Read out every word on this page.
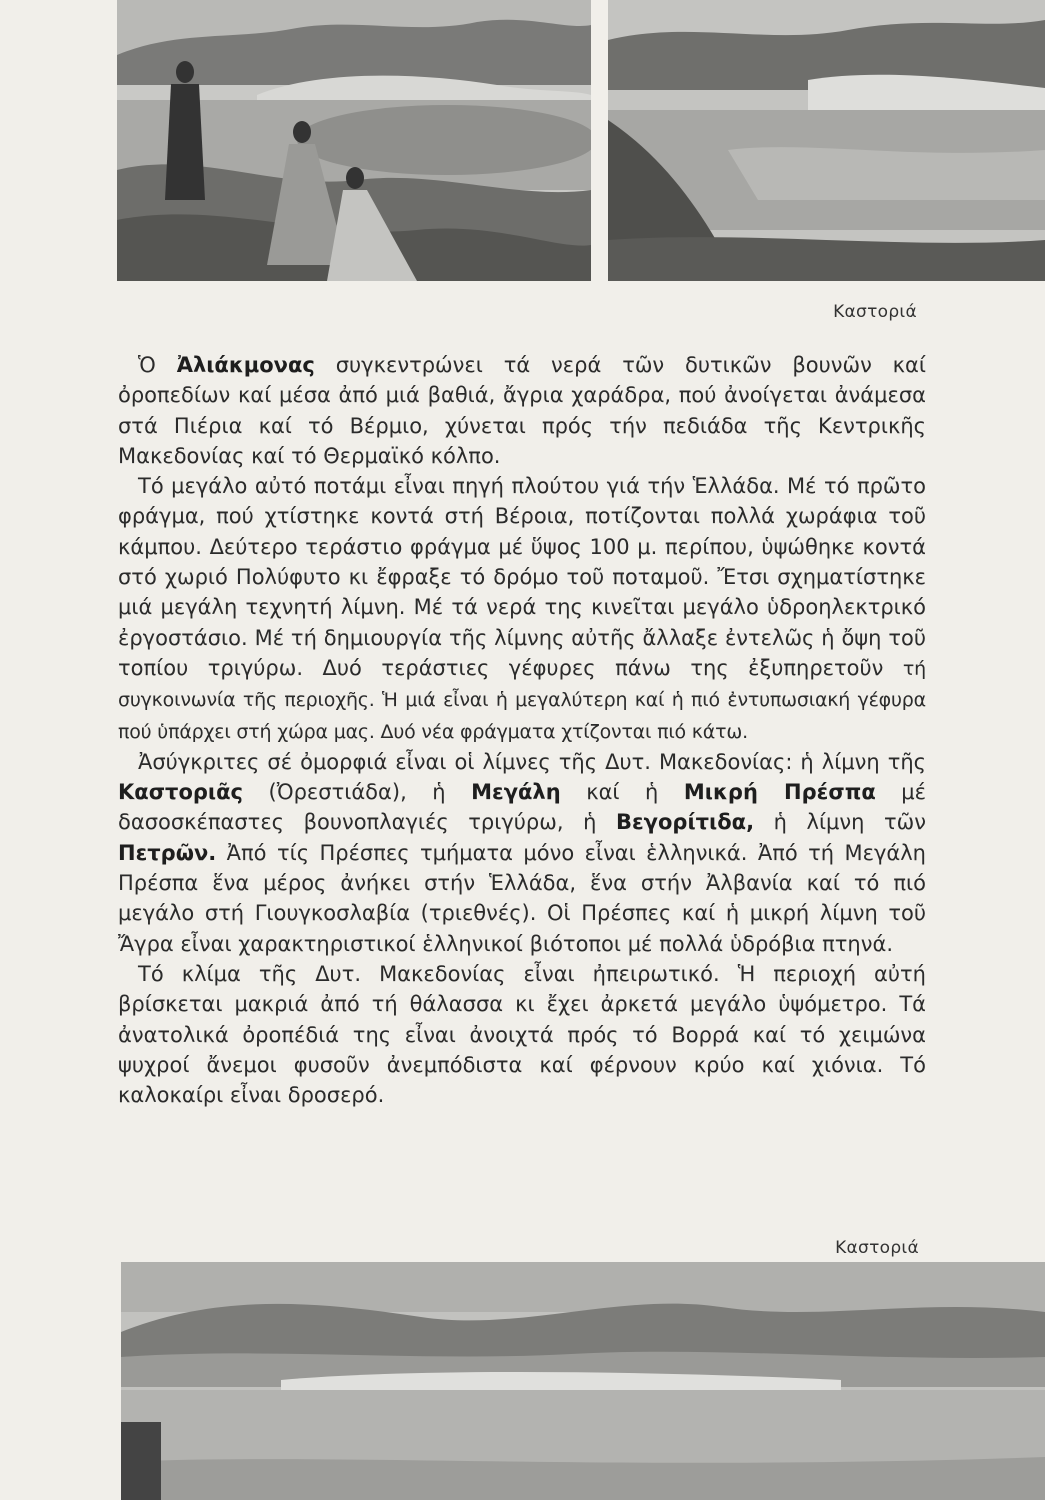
Καστοριά

Ὁ Ἀλιάκμονας συγκεντρώνει τά νερά τῶν δυτικῶν βουνῶν καί ὀροπεδίων καί μέσα ἀπό μιά βαθιά, ἄγρια χαράδρα, πού ἀνοίγεται ἀνάμεσα στά Πιέρια καί τό Βέρμιο, χύνεται πρός τήν πεδιάδα τῆς Κεντρικῆς Μακεδονίας καί τό Θερμαϊκό κόλπο.

Τό μεγάλο αὐτό ποτάμι εἶναι πηγή πλούτου γιά τήν Ἑλλάδα. Μέ τό πρῶτο φράγμα, πού χτίστηκε κοντά στή Βέροια, ποτίζονται πολλά χωράφια τοῦ κάμπου. Δεύτερο τεράστιο φράγμα μέ ὕψος 100 μ. περίπου, ὑψώθηκε κοντά στό χωριό Πολύφυτο κι ἔφραξε τό δρόμο τοῦ ποταμοῦ. Ἔτσι σχηματίστηκε μιά μεγάλη τεχνητή λίμνη. Μέ τά νερά της κινεῖται μεγάλο ὑδροηλεκτρικό ἐργοστάσιο. Μέ τή δημιουργία τῆς λίμνης αὐτῆς ἄλλαξε ἐντελῶς ἡ ὄψη τοῦ τοπίου τριγύρω. Δυό τεράστιες γέφυρες πάνω της ἐξυπηρετοῦν τή συγκοινωνία τῆς περιοχῆς. Ἡ μιά εἶναι ἡ μεγαλύτερη καί ἡ πιό ἐντυπωσιακή γέφυρα πού ὑπάρχει στή χώρα μας. Δυό νέα φράγματα χτίζονται πιό κάτω.

Ἀσύγκριτες σέ ὀμορφιά εἶναι οἱ λίμνες τῆς Δυτ. Μακεδονίας: ἡ λίμνη τῆς Καστοριᾶς (Ὀρεστιάδα), ἡ Μεγάλη καί ἡ Μικρή Πρέσπα μέ δασοσκέπαστες βουνοπλαγιές τριγύρω, ἡ Βεγορίτιδα, ἡ λίμνη τῶν Πετρῶν. Ἀπό τίς Πρέσπες τμήματα μόνο εἶναι ἑλληνικά. Ἀπό τή Μεγάλη Πρέσπα ἕνα μέρος ἀνήκει στήν Ἑλλάδα, ἕνα στήν Ἀλβανία καί τό πιό μεγάλο στή Γιουγκοσλαβία (τριεθνές). Οἱ Πρέσπες καί ἡ μικρή λίμνη τοῦ Ἄγρα εἶναι χαρακτηριστικοί ἑλληνικοί βιότοποι μέ πολλά ὑδρόβια πτηνά.

Τό κλίμα τῆς Δυτ. Μακεδονίας εἶναι ἠπειρωτικό. Ἡ περιοχή αὐτή βρίσκεται μακριά ἀπό τή θάλασσα κι ἔχει ἀρκετά μεγάλο ὑψόμετρο. Τά ἀνατολικά ὀροπέδιά της εἶναι ἀνοιχτά πρός τό Βορρά καί τό χειμώνα ψυχροί ἄνεμοι φυσοῦν ἀνεμπόδιστα καί φέρνουν κρύο καί χιόνια. Τό καλοκαίρι εἶναι δροσερό.

Καστοριά
